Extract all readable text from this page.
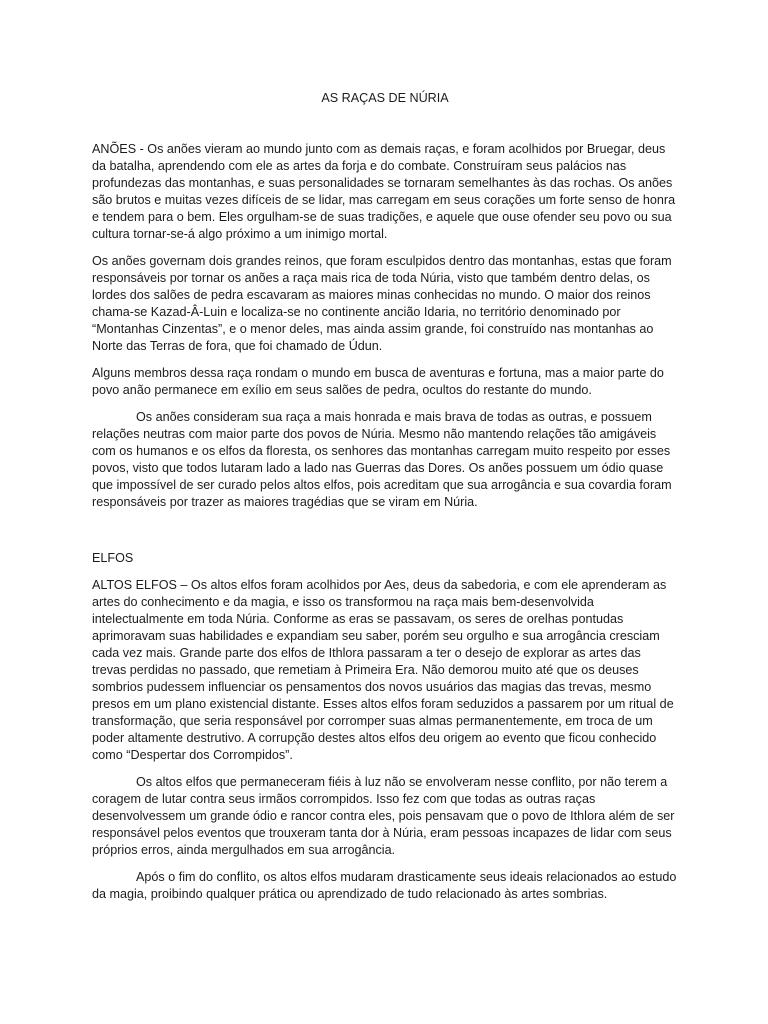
AS RAÇAS DE NÚRIA

ANÕES - Os anões vieram ao mundo junto com as demais raças, e foram acolhidos por Bruegar, deus da batalha, aprendendo com ele as artes da forja e do combate. Construíram seus palácios nas profundezas das montanhas, e suas personalidades se tornaram semelhantes às das rochas. Os anões são brutos e muitas vezes difíceis de se lidar, mas carregam em seus corações um forte senso de honra e tendem para o bem. Eles orgulham-se de suas tradições, e aquele que ouse ofender seu povo ou sua cultura tornar-se-á algo próximo a um inimigo mortal.

Os anões governam dois grandes reinos, que foram esculpidos dentro das montanhas, estas que foram responsáveis por tornar os anões a raça mais rica de toda Núria, visto que também dentro delas, os lordes dos salões de pedra escavaram as maiores minas conhecidas no mundo. O maior dos reinos chama-se Kazad-Â-Luin e localiza-se no continente ancião Idaria, no território denominado por “Montanhas Cinzentas”, e o menor deles, mas ainda assim grande, foi construído nas montanhas ao Norte das Terras de fora, que foi chamado de Údun.

Alguns membros dessa raça rondam o mundo em busca de aventuras e fortuna, mas a maior parte do povo anão permanece em exílio em seus salões de pedra, ocultos do restante do mundo.

Os anões consideram sua raça a mais honrada e mais brava de todas as outras, e possuem relações neutras com maior parte dos povos de Núria. Mesmo não mantendo relações tão amigáveis com os humanos e os elfos da floresta, os senhores das montanhas carregam muito respeito por esses povos, visto que todos lutaram lado a lado nas Guerras das Dores. Os anões possuem um ódio quase que impossível de ser curado pelos altos elfos, pois acreditam que sua arrogância e sua covardia foram responsáveis por trazer as maiores tragédias que se viram em Núria.

ELFOS

ALTOS ELFOS – Os altos elfos foram acolhidos por Aes, deus da sabedoria, e com ele aprenderam as artes do conhecimento e da magia, e isso os transformou na raça mais bem-desenvolvida intelectualmente em toda Núria. Conforme as eras se passavam, os seres de orelhas pontudas aprimoravam suas habilidades e expandiam seu saber, porém seu orgulho e sua arrogância cresciam cada vez mais. Grande parte dos elfos de Ithlora passaram a ter o desejo de explorar as artes das trevas perdidas no passado, que remetiam à Primeira Era. Não demorou muito até que os deuses sombrios pudessem influenciar os pensamentos dos novos usuários das magias das trevas, mesmo presos em um plano existencial distante. Esses altos elfos foram seduzidos a passarem por um ritual de transformação, que seria responsável por corromper suas almas permanentemente, em troca de um poder altamente destrutivo. A corrupção destes altos elfos deu origem ao evento que ficou conhecido como “Despertar dos Corrompidos”.

Os altos elfos que permaneceram fiéis à luz não se envolveram nesse conflito, por não terem a coragem de lutar contra seus irmãos corrompidos. Isso fez com que todas as outras raças desenvolvessem um grande ódio e rancor contra eles, pois pensavam que o povo de Ithlora além de ser responsável pelos eventos que trouxeram tanta dor à Núria, eram pessoas incapazes de lidar com seus próprios erros, ainda mergulhados em sua arrogância.

Após o fim do conflito, os altos elfos mudaram drasticamente seus ideais relacionados ao estudo da magia, proibindo qualquer prática ou aprendizado de tudo relacionado às artes sombrias.
